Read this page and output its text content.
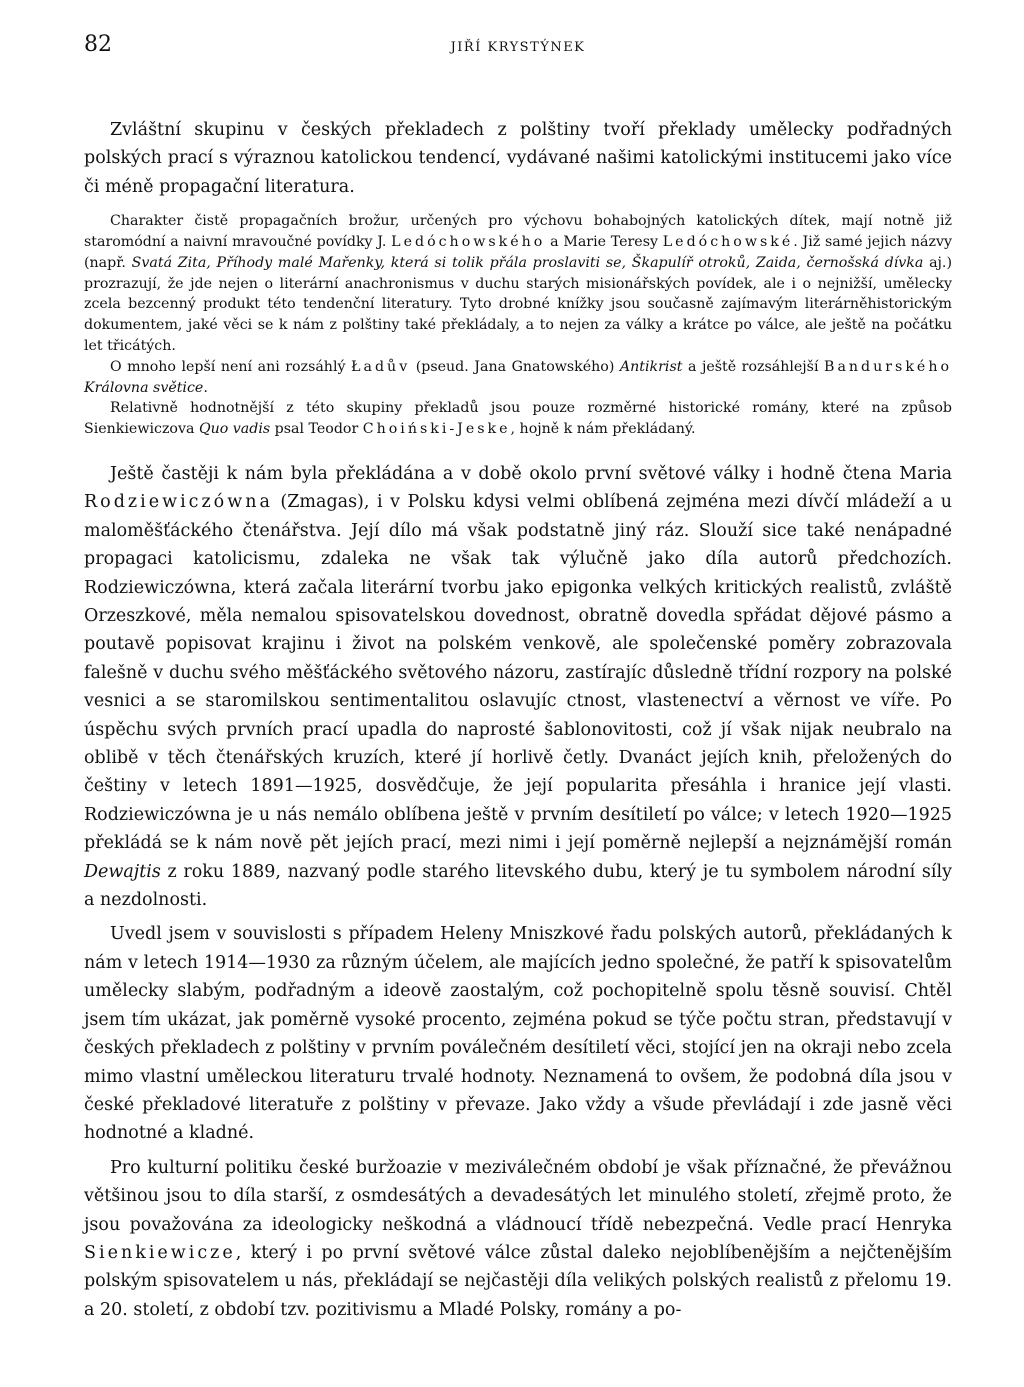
82	JIŘÍ KRYSTÝNEK

Zvláštní skupinu v českých překladech z polštiny tvoří překlady umělecky podřadných polských prací s výraznou katolickou tendencí, vydávané našimi katolickými institucemi jako více či méně propagační literatura.

Charakter čistě propagačních brožur, určených pro výchovu bohabojných katolických dítek, mají notně již staromódní a naivní mravoučné povídky J. Ledóchowského a Marie Teresy Ledóchowské. Již samé jejich názvy (např. Svatá Zita, Příhody malé Mařenky, která si tolik přála proslaviti se, Škapulíř otroků, Zaida, černošská dívka aj.) prozrazují, že jde nejen o literární anachronismus v duchu starých misionářských povídek, ale i o nejnižší, umělecky zcela bezcenný produkt této tendenční literatury. Tyto drobné knížky jsou současně zajímavým literárněhistorickým dokumentem, jaké věci se k nám z polštiny také překládaly, a to nejen za války a krátce po válce, ale ještě na počátku let třicátých.

O mnoho lepší není ani rozsáhlý Ładův (pseud. Jana Gnatowského) Antikrist a ještě rozsáhlejší Bandurského Královna světice.

Relativně hodnotnější z této skupiny překladů jsou pouze rozměrné historické romány, které na způsob Sienkiewiczova Quo vadis psal Teodor Choiński-Jeske, hojně k nám překládaný.

Ještě častěji k nám byla překládána a v době okolo první světové války i hodně čtena Maria Rodziewiczówna (Zmagas), i v Polsku kdysi velmi oblíbená zejména mezi dívčí mládeží a u maloměšťáckého čtenářstva. Její dílo má však podstatně jiný ráz. Slouží sice také nenápadné propagaci katolicismu, zdaleka ne však tak výlučně jako díla autorů předchozích. Rodziewiczówna, která začala literární tvorbu jako epigonka velkých kritických realistů, zvláště Orzeszkové, měla nemalou spisovatelskou dovednost, obratně dovedla spřádat dějové pásmo a poutavě popisovat krajinu i život na polském venkově, ale společenské poměry zobrazovala falešně v duchu svého měšťáckého světového názoru, zastírajíc důsledně třídní rozpory na polské vesnici a se staromilskou sentimentalitou oslavujíc ctnost, vlastenectví a věrnost ve víře. Po úspěchu svých prvních prací upadla do naprosté šablonovitosti, což jí však nijak neubralo na oblibě v těch čtenářských kruzích, které jí horlivě četly. Dvanáct jejích knih, přeložených do češtiny v letech 1891—1925, dosvědčuje, že její popularita přesáhla i hranice její vlasti. Rodziewiczówna je u nás nemálo oblíbena ještě v prvním desítiletí po válce; v letech 1920—1925 překládá se k nám nově pět jejích prací, mezi nimi i její poměrně nejlepší a nejznámější román Dewajtis z roku 1889, nazvaný podle starého litevského dubu, který je tu symbolem národní síly a nezdolnosti.

Uvedl jsem v souvislosti s případem Heleny Mniszkové řadu polských autorů, překládaných k nám v letech 1914—1930 za různým účelem, ale majících jedno společné, že patří k spisovatelům umělecky slabým, podřadným a ideově zaostalým, což pochopitelně spolu těsně souvisí. Chtěl jsem tím ukázat, jak poměrně vysoké procento, zejména pokud se týče počtu stran, představují v českých překladech z polštiny v prvním poválečném desítiletí věci, stojící jen na okraji nebo zcela mimo vlastní uměleckou literaturu trvalé hodnoty. Neznamená to ovšem, že podobná díla jsou v české překladové literatuře z polštiny v převaze. Jako vždy a všude převládají i zde jasně věci hodnotné a kladné.

Pro kulturní politiku české buržoazie v meziválečném období je však příznačné, že převážnou většinou jsou to díla starší, z osmdesátých a devadesátých let minulého století, zřejmě proto, že jsou považována za ideologicky neškodná a vládnoucí třídě nebezpečná. Vedle prací Henryka Sienkiewicze, který i po první světové válce zůstal daleko nejoblíbenějším a nejčtenějším polským spisovatelem u nás, překládají se nejčastěji díla velikých polských realistů z přelomu 19. a 20. století, z období tzv. pozitivismu a Mladé Polsky, romány a po-
